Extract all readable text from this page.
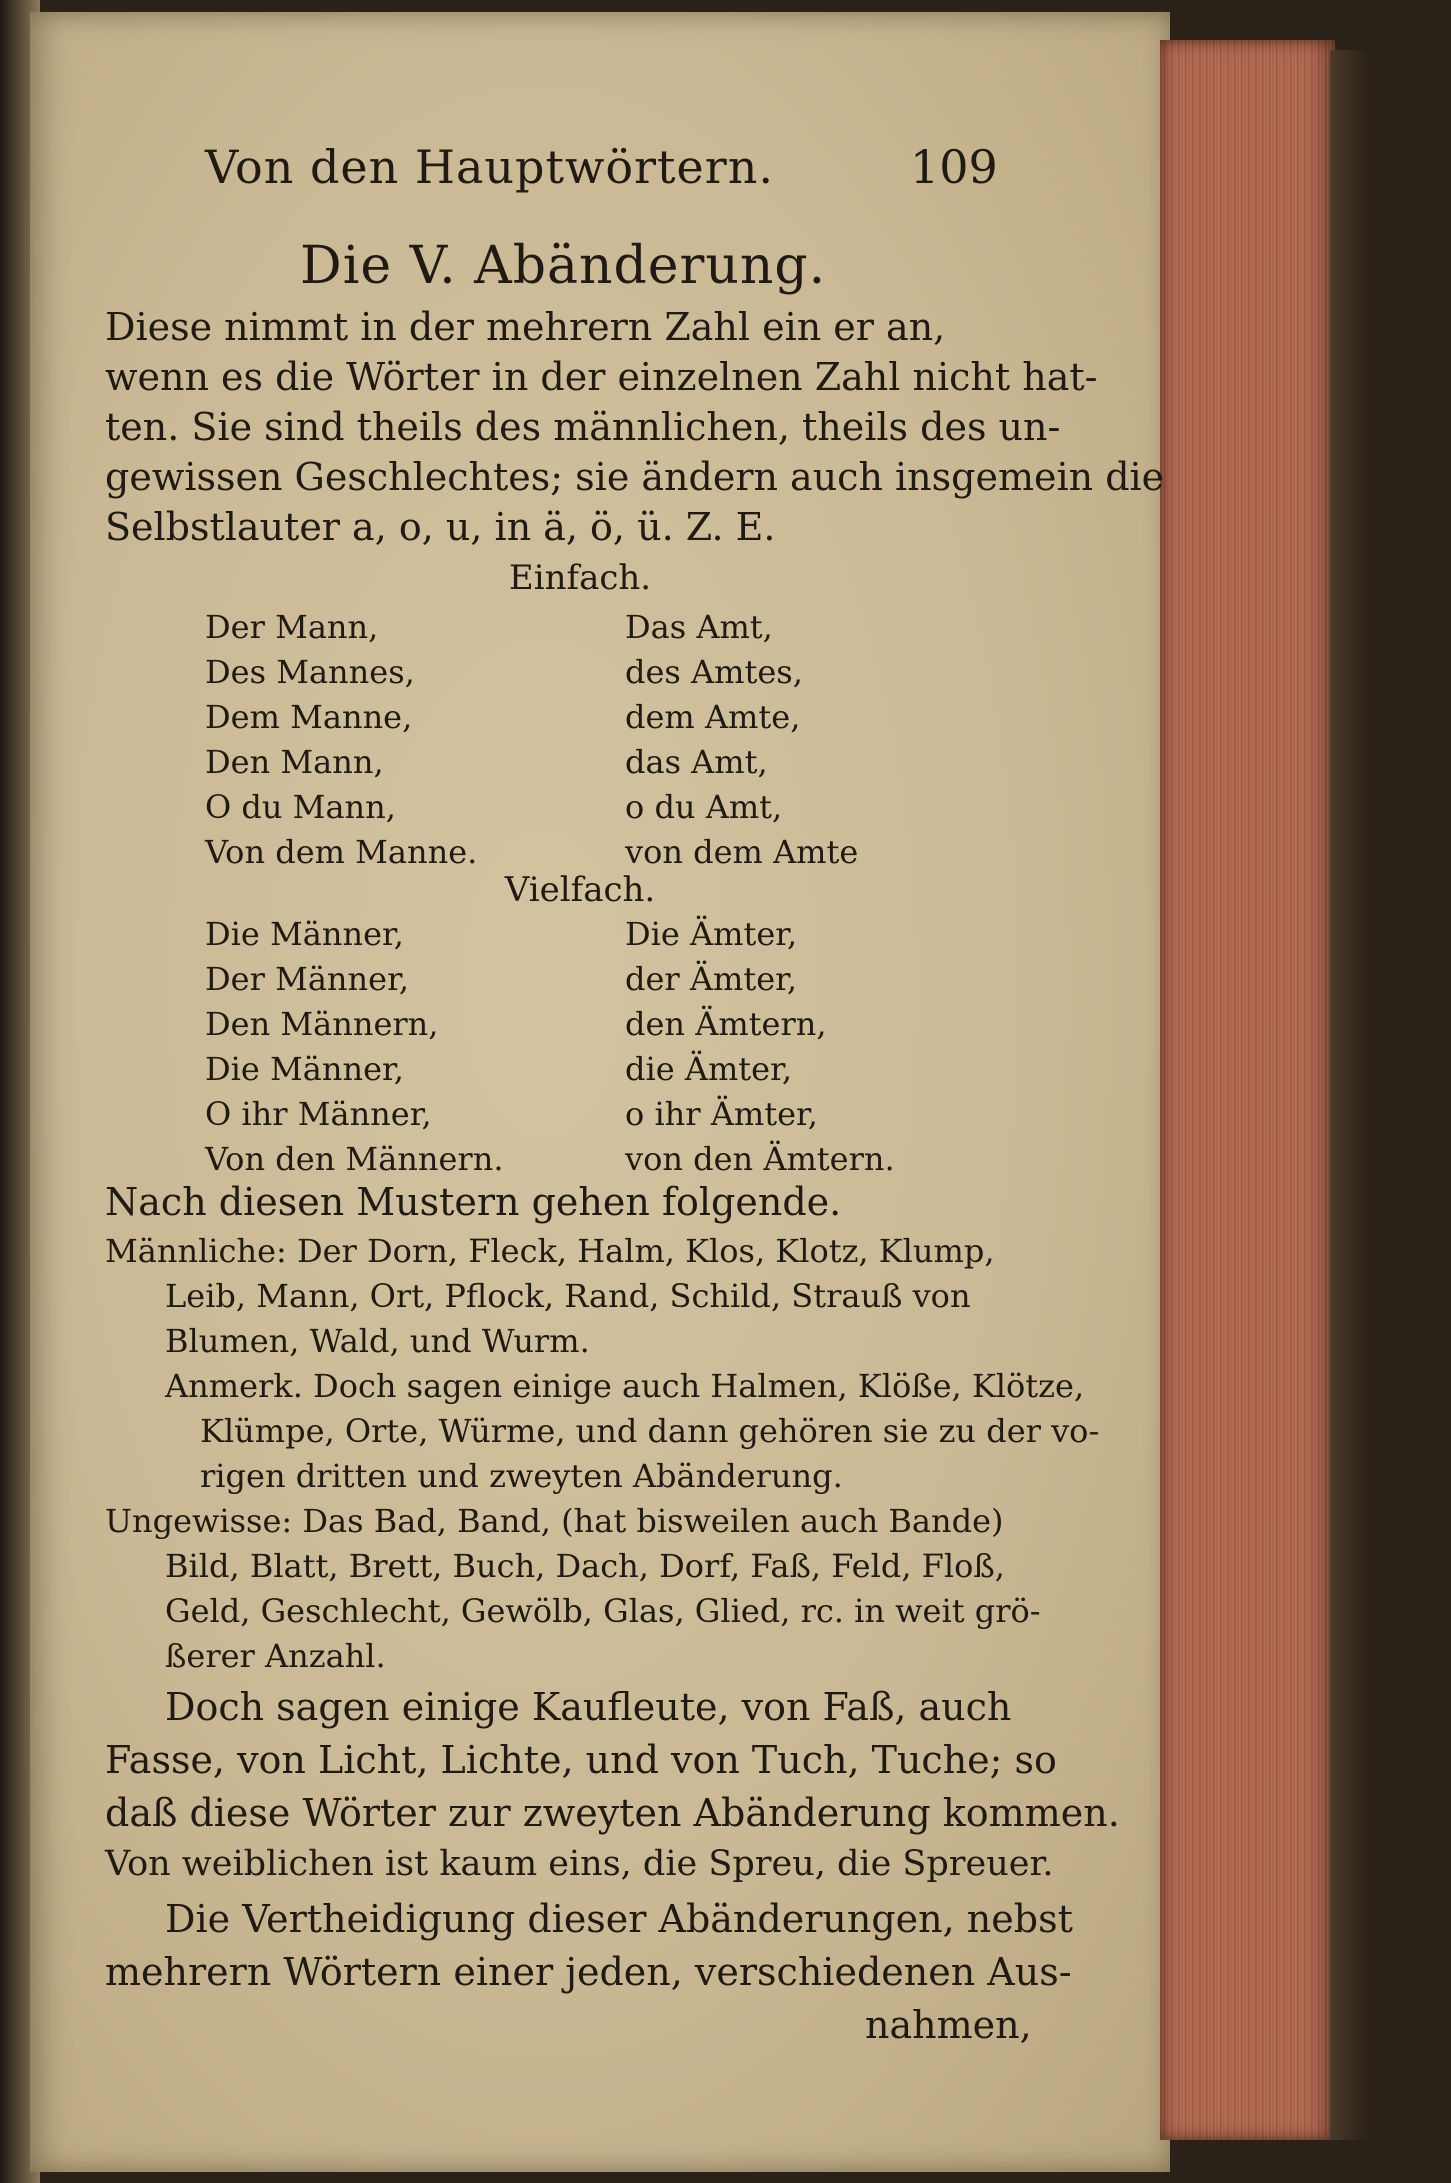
Von den Hauptwörtern.	109
Die V. Abänderung.
Diese nimmt in der mehrern Zahl ein er an,
wenn es die Wörter in der einzelnen Zahl nicht hat-
ten. Sie sind theils des männlichen, theils des un-
gewissen Geschlechtes; sie ändern auch insgemein die
Selbstlauter a, o, u, in ä, ö, ü. Z. E.
Einfach.
Der Mann,	Das Amt,
Des Mannes,	des Amtes,
Dem Manne,	dem Amte,
Den Mann,	das Amt,
O du Mann,	o du Amt,
Von dem Manne.	von dem Amte
Vielfach.
Die Männer,	Die Ämter,
Der Männer,	der Ämter,
Den Männern,	den Ämtern,
Die Männer,	die Ämter,
O ihr Männer,	o ihr Ämter,
Von den Männern.	von den Ämtern.
Nach diesen Mustern gehen folgende.
Männliche: Der Dorn, Fleck, Halm, Klos, Klotz, Klump,
Leib, Mann, Ort, Pflock, Rand, Schild, Strauß von
Blumen, Wald, und Wurm.
Anmerk. Doch sagen einige auch Halmen, Klöße, Klötze,
Klümpe, Orte, Würme, und dann gehören sie zu der vo-
rigen dritten und zweyten Abänderung.
Ungewisse: Das Bad, Band, (hat bisweilen auch Bande)
Bild, Blatt, Brett, Buch, Dach, Dorf, Faß, Feld, Floß,
Geld, Geschlecht, Gewölb, Glas, Glied, rc. in weit grö-
ßerer Anzahl.
Doch sagen einige Kaufleute, von Faß, auch
Fasse, von Licht, Lichte, und von Tuch, Tuche; so
daß diese Wörter zur zweyten Abänderung kommen.
Von weiblichen ist kaum eins, die Spreu, die Spreuer.
Die Vertheidigung dieser Abänderungen, nebst
mehrern Wörtern einer jeden, verschiedenen Aus-
nahmen,
